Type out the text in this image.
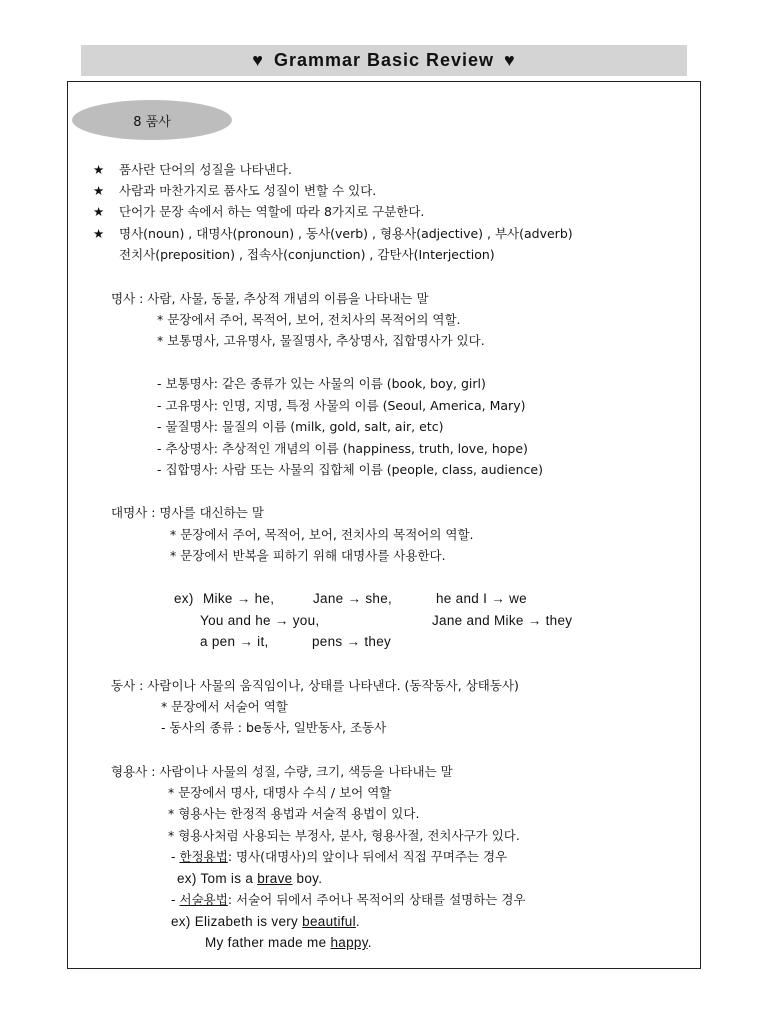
♥ Grammar Basic Review ♥
8 품사
★ 품사란 단어의 성질을 나타낸다.
★ 사람과 마찬가지로 품사도 성질이 변할 수 있다.
★ 단어가 문장 속에서 하는 역할에 따라 8가지로 구분한다.
★ 명사(noun) , 대명사(pronoun) , 동사(verb) , 형용사(adjective) , 부사(adverb)
전치사(preposition) , 접속사(conjunction) , 감탄사(Interjection)
명사 : 사람, 사물, 동물, 추상적 개념의 이름을 나타내는 말
* 문장에서 주어, 목적어, 보어, 전치사의 목적어의 역할.
* 보통명사, 고유명사, 물질명사, 추상명사, 집합명사가 있다.
- 보통명사: 같은 종류가 있는 사물의 이름 (book, boy, girl)
- 고유명사: 인명, 지명, 특정 사물의 이름 (Seoul, America, Mary)
- 물질명사: 물질의 이름 (milk, gold, salt, air, etc)
- 추상명사: 추상적인 개념의 이름 (happiness, truth, love, hope)
- 집합명사: 사람 또는 사물의 집합체 이름 (people, class, audience)
대명사 : 명사를 대신하는 말
* 문장에서 주어, 목적어, 보어, 전치사의 목적어의 역할.
* 문장에서 반복을 피하기 위해 대명사를 사용한다.
ex) Mike → he,	Jane → she,	he and I → we
You and he → you,	Jane and Mike → they
a pen → it,	pens → they
동사 : 사람이나 사물의 움직임이나, 상태를 나타낸다. (동작동사, 상태동사)
* 문장에서 서술어 역할
- 동사의 종류 : be동사, 일반동사, 조동사
형용사 : 사람이나 사물의 성질, 수량, 크기, 색등을 나타내는 말
* 문장에서 명사, 대명사 수식 / 보어 역할
* 형용사는 한정적 용법과 서술적 용법이 있다.
* 형용사처럼 사용되는 부정사, 분사, 형용사절, 전치사구가 있다.
- 한정용법: 명사(대명사)의 앞이나 뒤에서 직접 꾸며주는 경우
ex) Tom is a brave boy.
- 서술용법: 서술어 뒤에서 주어나 목적어의 상태를 설명하는 경우
ex) Elizabeth is very beautiful.
My father made me happy.
